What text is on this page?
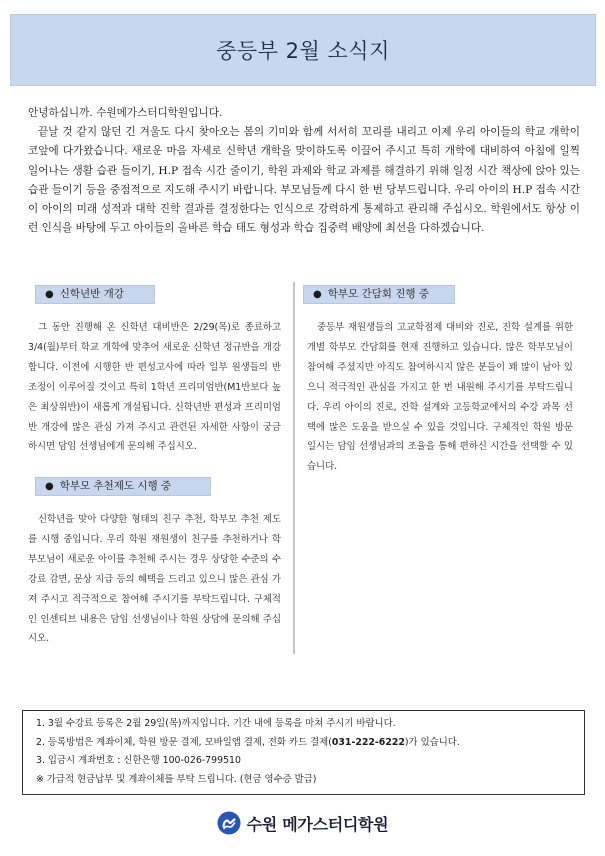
중등부 2월 소식지

안녕하십니까. 수원메가스터디학원입니다.

끝날 것 같지 않던 긴 겨울도 다시 찾아오는 봄의 기미와 함께 서서히 꼬리를 내리고 이제 우리 아이들의 학교 개학이 코앞에 다가왔습니다. 새로운 마음 자세로 신학년 개학을 맞이하도록 이끌어 주시고 특히 개학에 대비하여 아침에 일찍 일어나는 생활 습관 들이기, H.P 접속 시간 줄이기, 학원 과제와 학교 과제를 해결하기 위해 일정 시간 책상에 앉아 있는 습관 들이기 등을 중점적으로 지도해 주시기 바랍니다. 부모님들께 다시 한 번 당부드립니다. 우리 아이의 H.P 접속 시간이 아이의 미래 성적과 대학 진학 결과를 결정한다는 인식으로 강력하게 통제하고 관리해 주십시오. 학원에서도 항상 이런 인식을 바탕에 두고 아이들의 올바른 학습 태도 형성과 학습 집중력 배양에 최선을 다하겠습니다.

● 신학년반 개강

그 동안 진행해 온 신학년 대비반은 2/29(목)로 종료하고 3/4(월)부터 학교 개학에 맞추어 새로운 신학년 정규반을 개강합니다. 이전에 시행한 반 편성고사에 따라 일부 원생들의 반 조정이 이루어질 것이고 특히 1학년 프리미엄반(M1반보다 높은 최상위반)이 새롭게 개설됩니다. 신학년반 편성과 프리미엄반 개강에 많은 관심 가져 주시고 관련된 자세한 사항이 궁금하시면 담임 선생님에게 문의해 주십시오.

● 학부모 추천제도 시행 중

신학년을 맞아 다양한 형태의 친구 추천, 학부모 추천 제도를 시행 중입니다. 우리 학원 재원생이 친구를 추천하거나 학부모님이 새로운 아이를 추천해 주시는 경우 상당한 수준의 수강료 감면, 문상 지급 등의 혜택을 드리고 있으니 많은 관심 가져 주시고 적극적으로 참여해 주시기를 부탁드립니다. 구체적인 인센티브 내용은 담임 선생님이나 학원 상담에 문의해 주십시오.

● 학부모 간담회 진행 중

중등부 재원생들의 고교학점제 대비와 진로, 진학 설계를 위한 개별 학부모 간담회를 현재 진행하고 있습니다. 많은 학부모님이 참여해 주셨지만 아직도 참여하시지 않은 분들이 꽤 많이 남아 있으니 적극적인 관심을 가지고 한 번 내원해 주시기를 부탁드립니다. 우리 아이의 진로, 진학 설계와 고등학교에서의 수강 과목 선택에 많은 도움을 받으실 수 있을 것입니다. 구체적인 학원 방문 일시는 담임 선생님과의 조율을 통해 편하신 시간을 선택할 수 있습니다.

1. 3월 수강료 등록은 2월 29일(목)까지입니다. 기간 내에 등록을 마쳐 주시기 바랍니다.
2. 등록방법은 계좌이체, 학원 방문 결제, 모바일앱 결제, 전화 카드 결제(031-222-6222)가 있습니다.
3. 입금시 계좌번호 : 신한은행 100-026-799510
※ 가급적 현금납부 및 계좌이체를 부탁 드립니다. (현금 영수증 발급)
수원 메가스터디학원
